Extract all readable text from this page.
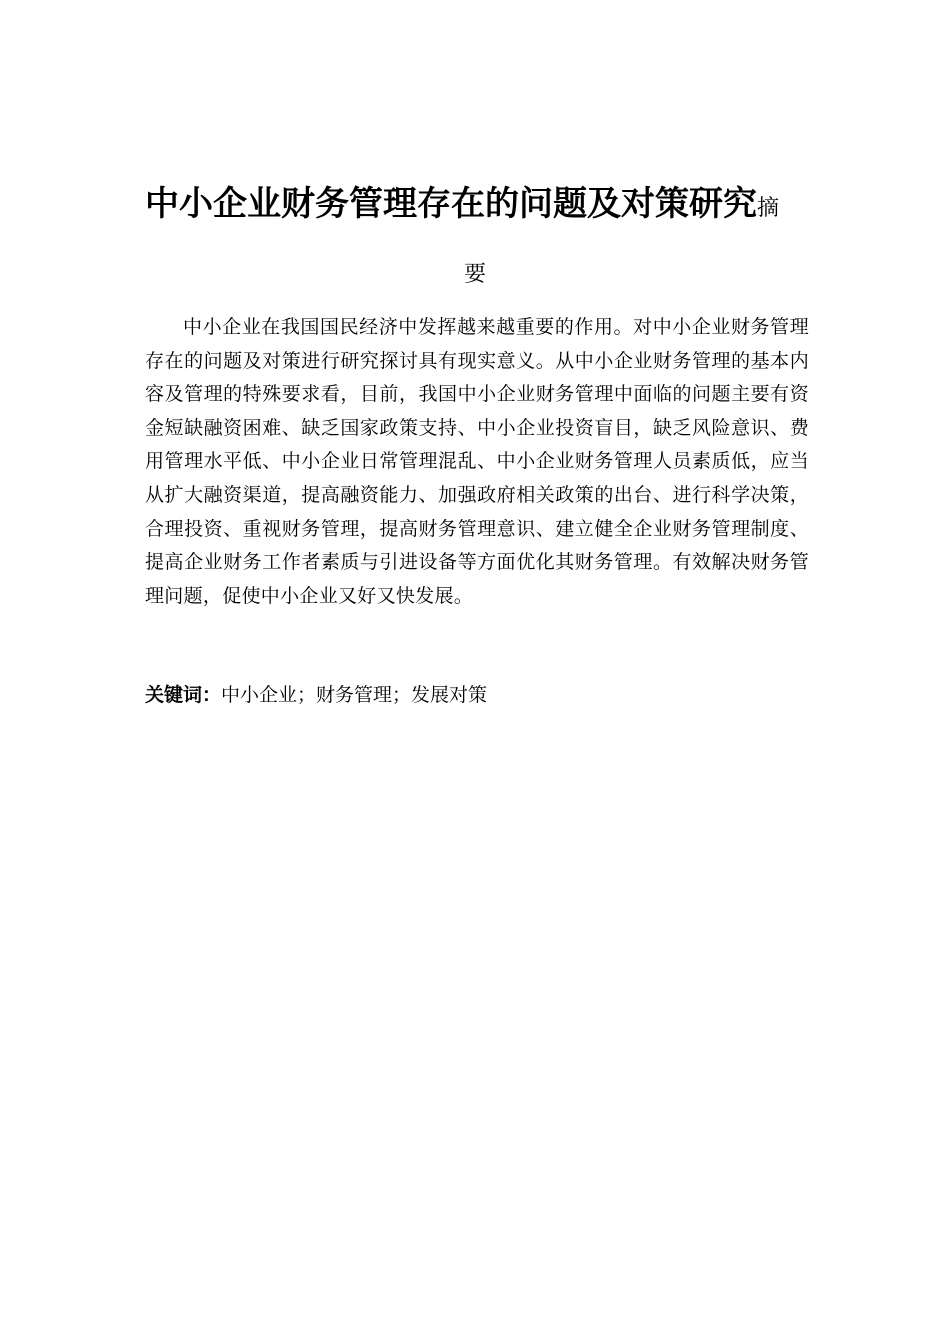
中小企业财务管理存在的问题及对策研究摘
要

中小企业在我国国民经济中发挥越来越重要的作用。对中小企业财务管理存在的问题及对策进行研究探讨具有现实意义。从中小企业财务管理的基本内容及管理的特殊要求看，目前，我国中小企业财务管理中面临的问题主要有资金短缺融资困难、缺乏国家政策支持、中小企业投资盲目，缺乏风险意识、费用管理水平低、中小企业日常管理混乱、中小企业财务管理人员素质低，应当从扩大融资渠道，提高融资能力、加强政府相关政策的出台、进行科学决策，合理投资、重视财务管理，提高财务管理意识、建立健全企业财务管理制度、提高企业财务工作者素质与引进设备等方面优化其财务管理。有效解决财务管理问题，促使中小企业又好又快发展。

关键词：中小企业；财务管理；发展对策
